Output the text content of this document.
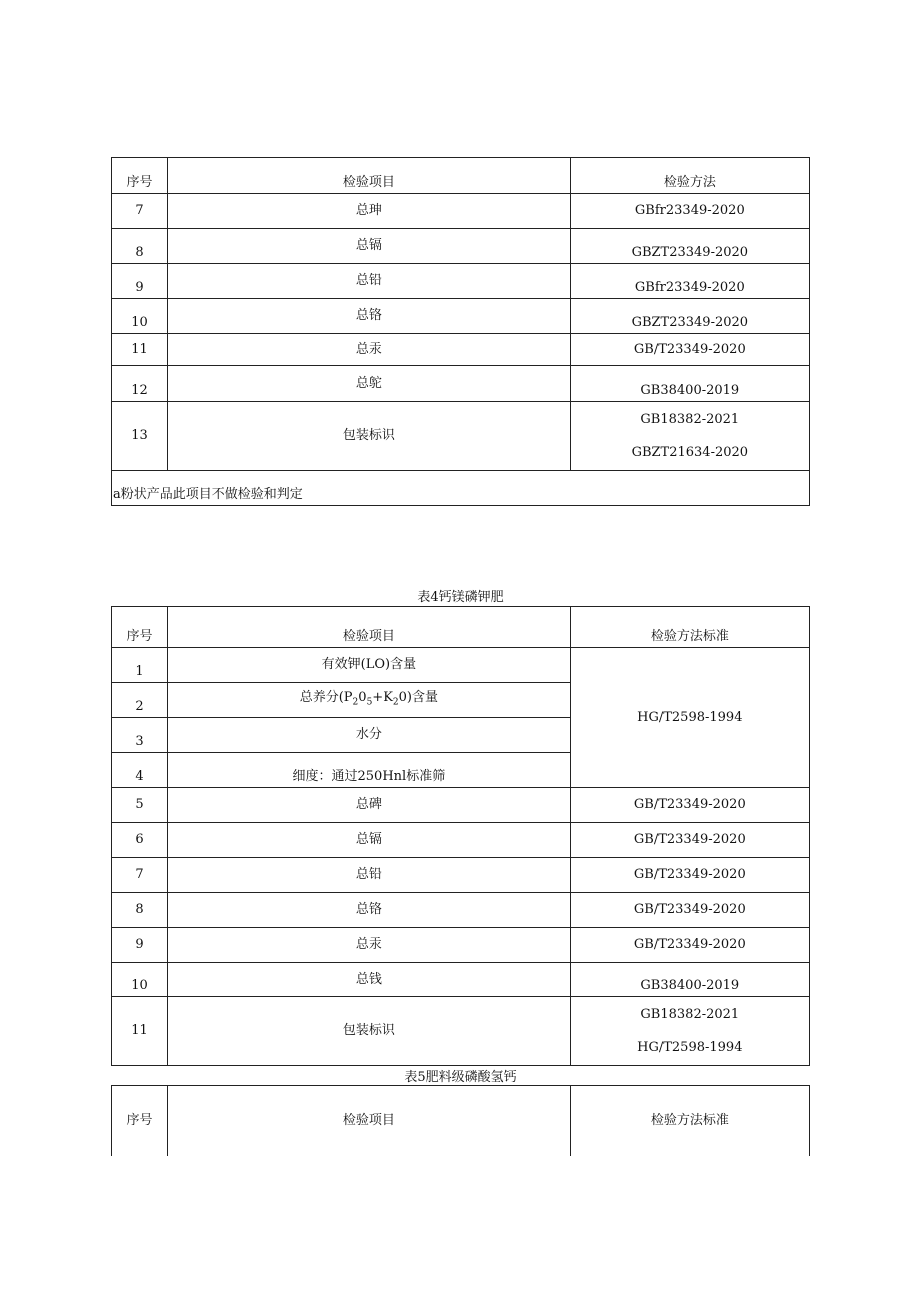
序号	检验项目	检验方法
7	总珅	GBfr23349-2020
8	总镉	GBZT23349-2020
9	总铅	GBfr23349-2020
10	总铬	GBZT23349-2020
11	总汞	GB/T23349-2020
12	总鸵	GB38400-2019
13	包装标识	GB18382-2021
GBZT21634-2020

a粉状产品此项目不做检验和判定		
表4钙镁磷钾肥
序号	检验项目	检验方法标准
1	有效钾(LO)含量	HG/T2598-1994
2	总养分$(P_20_5+K_20)$含量	
3	水分	
4	细度：通过250Hnl标准筛	
5	总碑	GB/T23349-2020
6	总镉	GB/T23349-2020
7	总铅	GB/T23349-2020
8	总铬	GB/T23349-2020
9	总汞	GB/T23349-2020
10	总钱	GB38400-2019
11	包装标识	GB18382-2021
HG/T2598-1994
表5肥料级磷酸氢钙
序号	检验项目	检验方法标准
